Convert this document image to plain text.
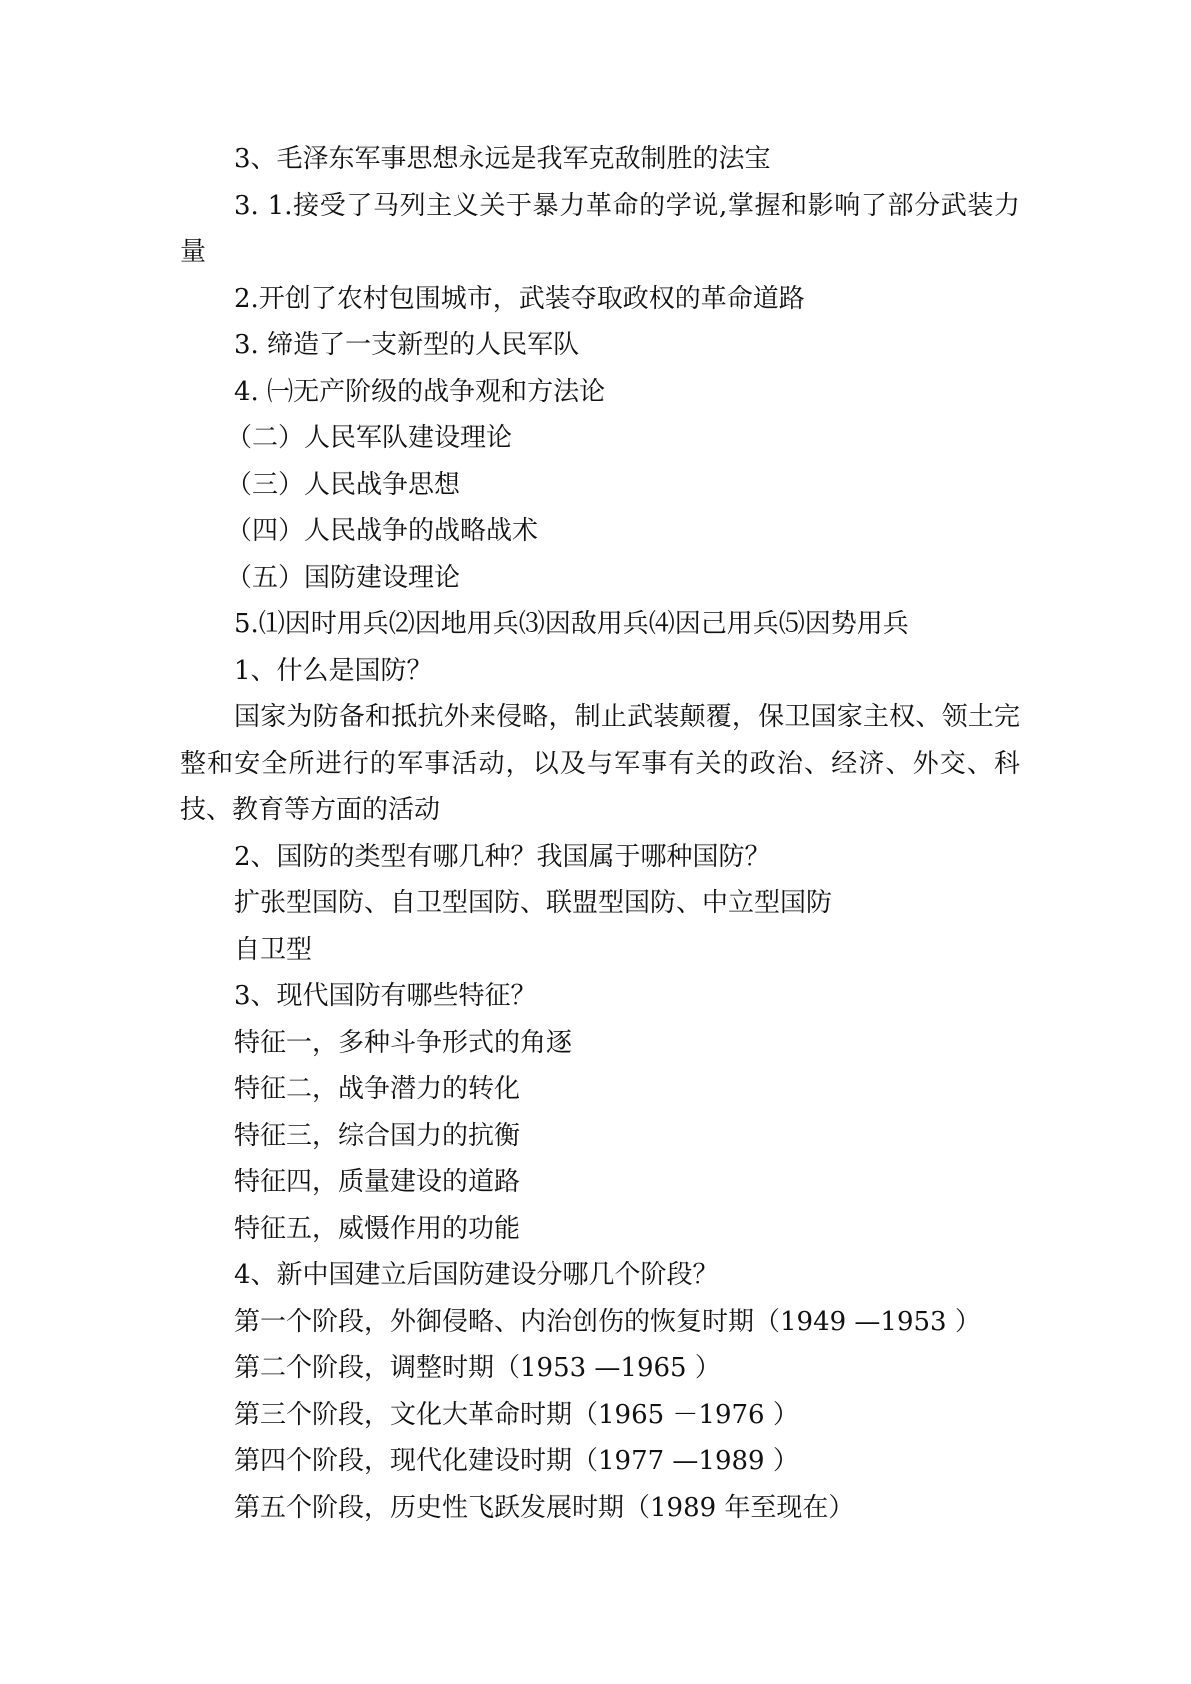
3、毛泽东军事思想永远是我军克敌制胜的法宝

3. 1.接受了马列主义关于暴力革命的学说,掌握和影响了部分武装力量

2.开创了农村包围城市，武装夺取政权的革命道路

3. 缔造了一支新型的人民军队

4. ㈠无产阶级的战争观和方法论

（二）人民军队建设理论

（三）人民战争思想

（四）人民战争的战略战术

（五）国防建设理论

5.⑴因时用兵⑵因地用兵⑶因敌用兵⑷因己用兵⑸因势用兵

1、什么是国防？

国家为防备和抵抗外来侵略，制止武装颠覆，保卫国家主权、领土完整和安全所进行的军事活动，以及与军事有关的政治、经济、外交、科技、教育等方面的活动

2、国防的类型有哪几种？我国属于哪种国防？

扩张型国防、自卫型国防、联盟型国防、中立型国防

自卫型

3、现代国防有哪些特征？

特征一，多种斗争形式的角逐

特征二，战争潜力的转化

特征三，综合国力的抗衡

特征四，质量建设的道路

特征五，威慑作用的功能

4、新中国建立后国防建设分哪几个阶段？

第一个阶段，外御侵略、内治创伤的恢复时期（1949 —1953 ）

第二个阶段，调整时期（1953 —1965 ）

第三个阶段，文化大革命时期（1965 －1976 ）

第四个阶段，现代化建设时期（1977 —1989 ）

第五个阶段，历史性飞跃发展时期（1989 年至现在）
